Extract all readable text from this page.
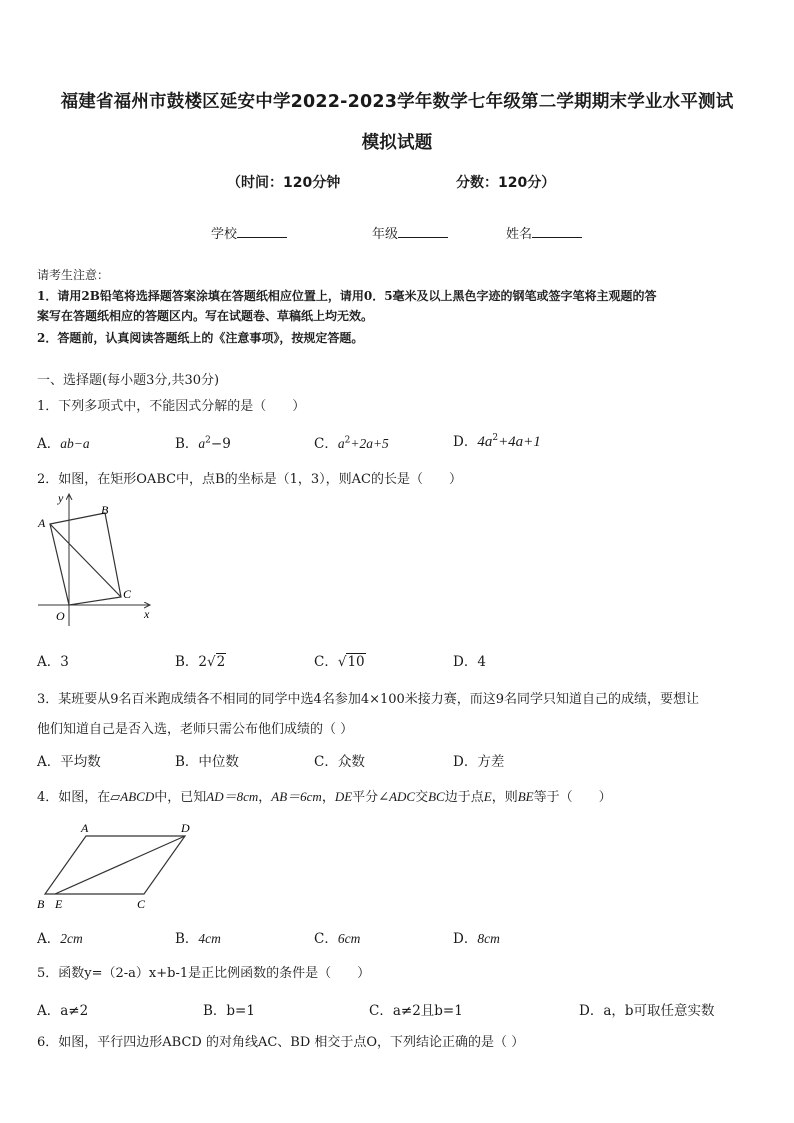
福建省福州市鼓楼区延安中学2022-2023学年数学七年级第二学期期末学业水平测试
模拟试题
（时间：120分钟	分数：120分）
学校	年级	姓名
请考生注意：
1．请用2B铅笔将选择题答案涂填在答题纸相应位置上，请用0．5毫米及以上黑色字迹的钢笔或签字笔将主观题的答
案写在答题纸相应的答题区内。写在试题卷、草稿纸上均无效。
2．答题前，认真阅读答题纸上的《注意事项》，按规定答题。
一、选择题(每小题3分,共30分)
1．下列多项式中，不能因式分解的是（　　）
A．ab−a	B．$a^2-9$	C．$a^2+2a+5$	D．$4a^2+4a+1$
2．如图，在矩形OABC中，点B的坐标是（1，3），则AC的长是（　　）
y
x
A
B
C
O
A．3	B．2√2	C．√10	D．4
3．某班要从9名百米跑成绩各不相同的同学中选4名参加4×100米接力赛，而这9名同学只知道自己的成绩，要想让
他们知道自己是否入选，老师只需公布他们成绩的（ ）
A．平均数	B．中位数	C．众数	D．方差
4．如图，在▱ABCD中，已知AD＝8cm，AB＝6cm，DE平分∠ADC交BC边于点E，则BE等于（　　）
A	D
B E	C
A．2cm	B．4cm	C．6cm	D．8cm
5．函数y=（2-a）x+b-1是正比例函数的条件是（　　）
A．a≠2	B．b=1	C．a≠2且b=1	D．a，b可取任意实数
6．如图，平行四边形ABCD 的对角线AC、BD 相交于点O，下列结论正确的是（ ）
